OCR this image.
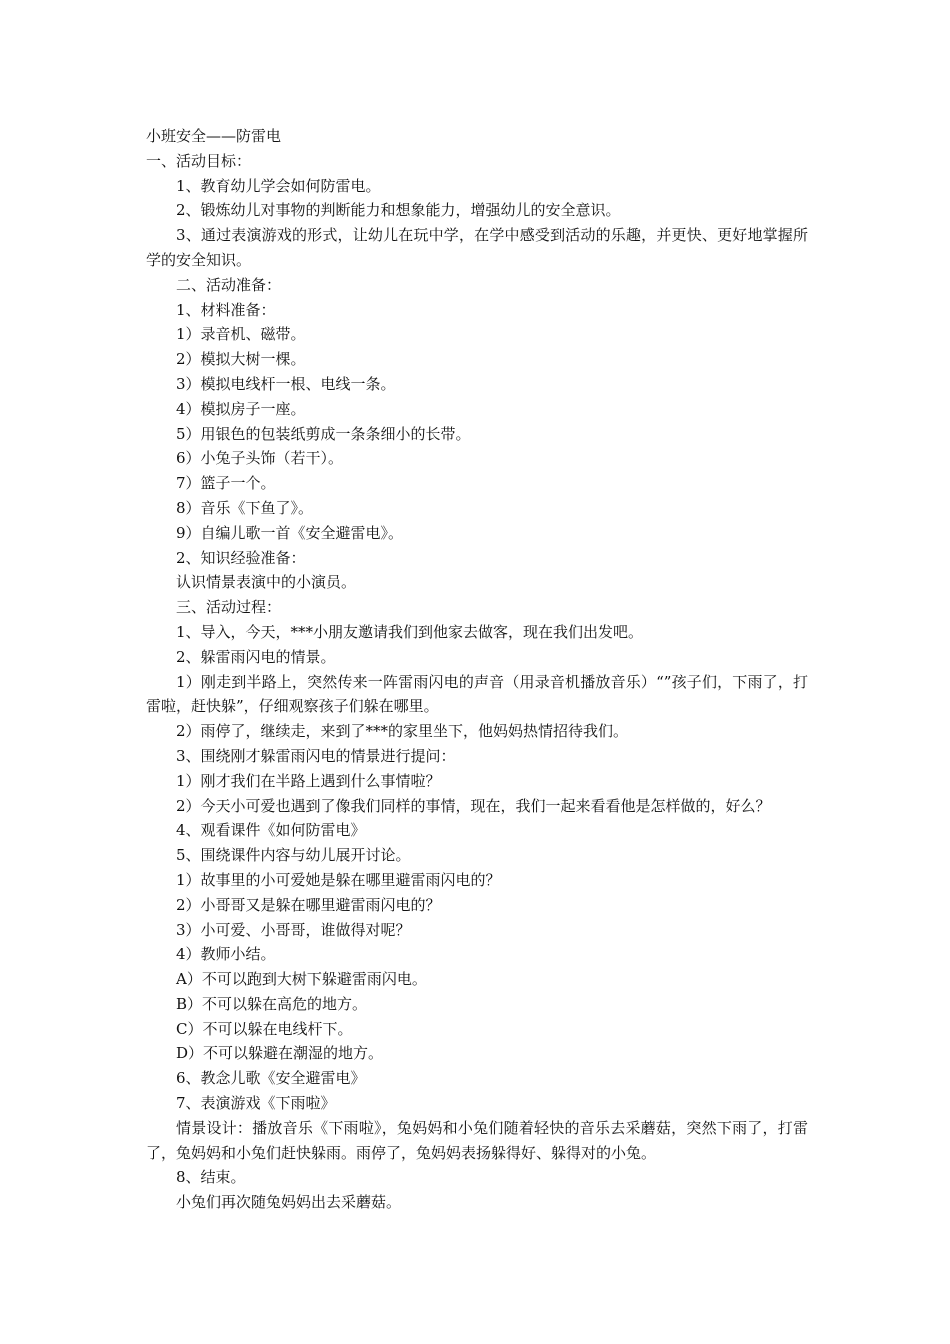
小班安全——防雷电

一、活动目标：

1、教育幼儿学会如何防雷电。

2、锻炼幼儿对事物的判断能力和想象能力，增强幼儿的安全意识。

3、通过表演游戏的形式，让幼儿在玩中学，在学中感受到活动的乐趣，并更快、更好地掌握所学的安全知识。

二、活动准备：

1、材料准备：

1）录音机、磁带。

2）模拟大树一棵。

3）模拟电线杆一根、电线一条。

4）模拟房子一座。

5）用银色的包装纸剪成一条条细小的长带。

6）小兔子头饰（若干）。

7）篮子一个。

8）音乐《下鱼了》。

9）自编儿歌一首《安全避雷电》。

2、知识经验准备：

认识情景表演中的小演员。

三、活动过程：

1、导入，今天，***小朋友邀请我们到他家去做客，现在我们出发吧。

2、躲雷雨闪电的情景。

1）刚走到半路上，突然传来一阵雷雨闪电的声音（用录音机播放音乐）“”孩子们，下雨了，打雷啦，赶快躲”，仔细观察孩子们躲在哪里。

2）雨停了，继续走，来到了***的家里坐下，他妈妈热情招待我们。

3、围绕刚才躲雷雨闪电的情景进行提问：

1）刚才我们在半路上遇到什么事情啦？

2）今天小可爱也遇到了像我们同样的事情，现在，我们一起来看看他是怎样做的，好么？

4、观看课件《如何防雷电》

5、围绕课件内容与幼儿展开讨论。

1）故事里的小可爱她是躲在哪里避雷雨闪电的？

2）小哥哥又是躲在哪里避雷雨闪电的？

3）小可爱、小哥哥，谁做得对呢？

4）教师小结。

A）不可以跑到大树下躲避雷雨闪电。

B）不可以躲在高危的地方。

C）不可以躲在电线杆下。

D）不可以躲避在潮湿的地方。

6、教念儿歌《安全避雷电》

7、表演游戏《下雨啦》

情景设计：播放音乐《下雨啦》，兔妈妈和小兔们随着轻快的音乐去采蘑菇，突然下雨了，打雷了，兔妈妈和小兔们赶快躲雨。雨停了，兔妈妈表扬躲得好、躲得对的小兔。

8、结束。

小兔们再次随兔妈妈出去采蘑菇。
